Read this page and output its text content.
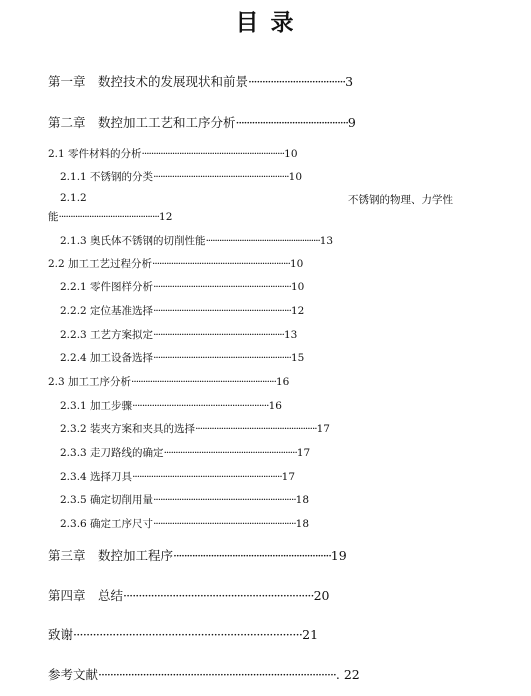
目 录
第一章　数控技术的发展现状和前景···································3
第二章　数控加工工艺和工序分析··········································9
2.1 零件材料的分析·····························································10
2.1.1 不锈钢的分类··························································10
2.1.2	不锈钢的物理、力学性
能···········································12
2.1.3 奥氏体不锈钢的切削性能···················································13
2.2 加工工艺过程分析···························································10
2.2.1 零件图样分析···························································10
2.2.2 定位基准选择···························································12
2.2.3 工艺方案拟定························································13
2.2.4 加工设备选择···························································15
2.3 加工工序分析······························································16
2.3.1 加工步骤························································16
2.3.2 装夹方案和夹具的选择····················································17
2.3.3 走刀路线的确定·························································17
2.3.4 选择刀具································································17
2.3.5 确定切削用量·····························································18
2.3.6 确定工序尺寸·····························································18
第三章　数控加工程序···························································19
第四章　总结······························································20
致谢······································································21
参考文献················································································. 22
